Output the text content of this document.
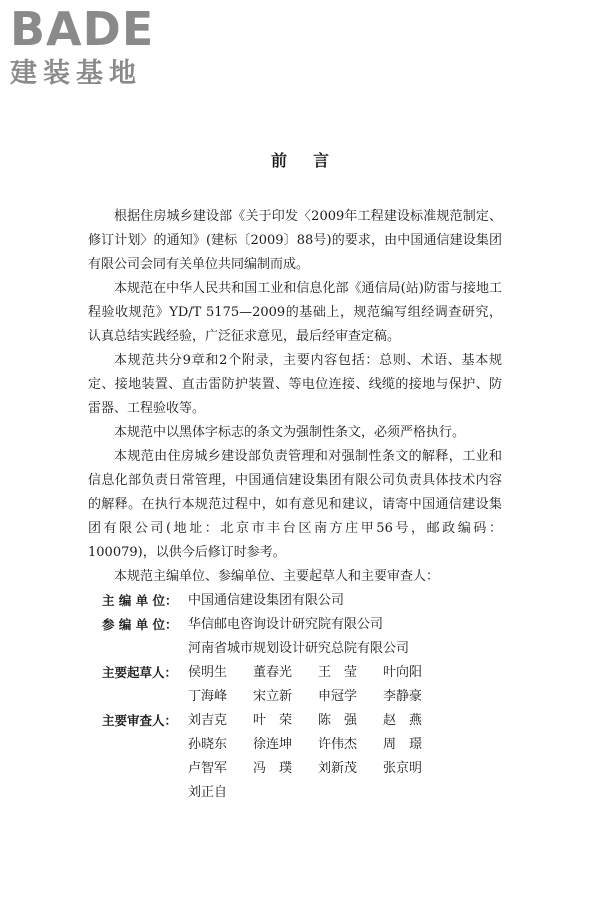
BADE
建装基地
前言

根据住房城乡建设部《关于印发〈2009年工程建设标准规范制定、修订计划〉的通知》(建标〔2009〕88号)的要求，由中国通信建设集团有限公司会同有关单位共同编制而成。

本规范在中华人民共和国工业和信息化部《通信局(站)防雷与接地工程验收规范》YD/T 5175—2009的基础上，规范编写组经调查研究，认真总结实践经验，广泛征求意见，最后经审查定稿。

本规范共分9章和2个附录，主要内容包括：总则、术语、基本规定、接地装置、直击雷防护装置、等电位连接、线缆的接地与保护、防雷器、工程验收等。

本规范中以黑体字标志的条文为强制性条文，必须严格执行。

本规范由住房城乡建设部负责管理和对强制性条文的解释，工业和信息化部负责日常管理，中国通信建设集团有限公司负责具体技术内容的解释。在执行本规范过程中，如有意见和建议，请寄中国通信建设集团有限公司(地址：北京市丰台区南方庄甲56号，邮政编码：100079)，以供今后修订时参考。

本规范主编单位、参编单位、主要起草人和主要审查人：

主 编 单 位： 中国通信建设集团有限公司
参 编 单 位： 华信邮电咨询设计研究院有限公司
河南省城市规划设计研究总院有限公司
主要起草人： 侯明生	董春光	王　莹	叶向阳
丁海峰	宋立新	申冠学	李静豪
主要审查人： 刘吉克	叶　荣	陈　强	赵　燕
孙晓东	徐连坤	许伟杰	周　璟
卢智军	冯　璞	刘新茂	张京明
刘正自
